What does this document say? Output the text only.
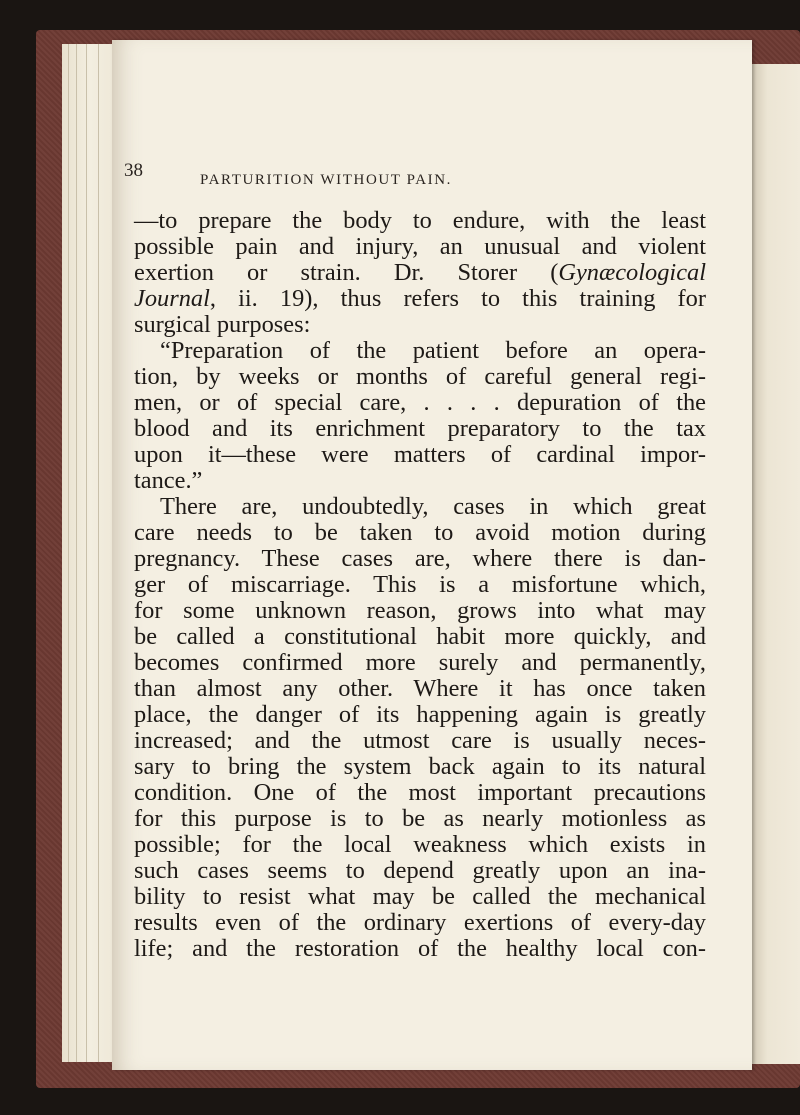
38	PARTURITION WITHOUT PAIN.
—to prepare the body to endure, with the least
possible pain and injury, an unusual and violent
exertion or strain. Dr. Storer (Gynæcological
Journal, ii. 19), thus refers to this training for
surgical purposes:
“Preparation of the patient before an opera-
tion, by weeks or months of careful general regi-
men, or of special care, . . . . depuration of the
blood and its enrichment preparatory to the tax
upon it—these were matters of cardinal impor-
tance.”
There are, undoubtedly, cases in which great
care needs to be taken to avoid motion during
pregnancy. These cases are, where there is dan-
ger of miscarriage. This is a misfortune which,
for some unknown reason, grows into what may
be called a constitutional habit more quickly, and
becomes confirmed more surely and permanently,
than almost any other. Where it has once taken
place, the danger of its happening again is greatly
increased; and the utmost care is usually neces-
sary to bring the system back again to its natural
condition. One of the most important precautions
for this purpose is to be as nearly motionless as
possible; for the local weakness which exists in
such cases seems to depend greatly upon an ina-
bility to resist what may be called the mechanical
results even of the ordinary exertions of every-day
life; and the restoration of the healthy local con-
